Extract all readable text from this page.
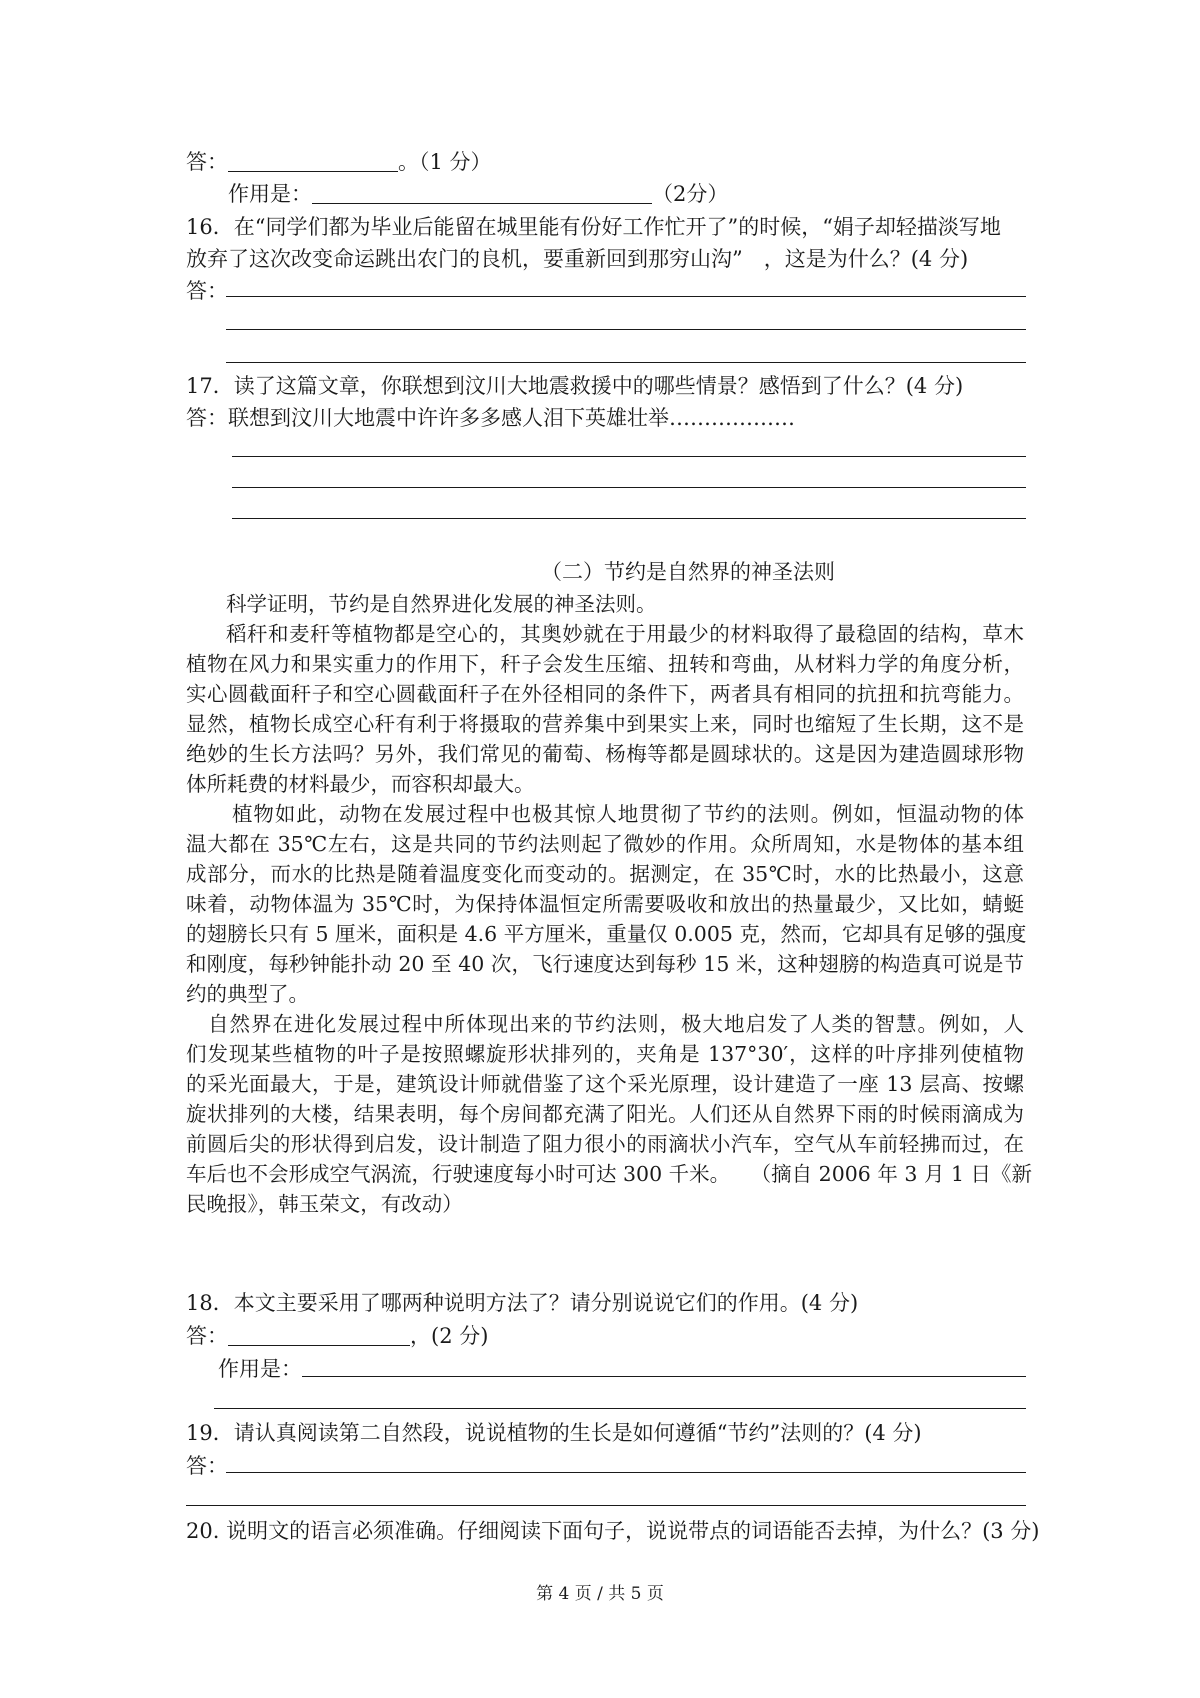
答：	。（1 分）
作用是：	（2分）
16．在“同学们都为毕业后能留在城里能有份好工作忙开了”的时候，“娟子却轻描淡写地
放弃了这次改变命运跳出农门的良机，要重新回到那穷山沟”　，这是为什么？(4 分)
答：
17．读了这篇文章，你联想到汶川大地震救援中的哪些情景？感悟到了什么？(4 分)
答：联想到汶川大地震中许许多多感人泪下英雄壮举………………
（二）节约是自然界的神圣法则
科学证明，节约是自然界进化发展的神圣法则。
稻秆和麦秆等植物都是空心的，其奥妙就在于用最少的材料取得了最稳固的结构，草木
植物在风力和果实重力的作用下，秆子会发生压缩、扭转和弯曲，从材料力学的角度分析，
实心圆截面秆子和空心圆截面秆子在外径相同的条件下，两者具有相同的抗扭和抗弯能力。
显然，植物长成空心秆有利于将摄取的营养集中到果实上来，同时也缩短了生长期，这不是
绝妙的生长方法吗？另外，我们常见的葡萄、杨梅等都是圆球状的。这是因为建造圆球形物
体所耗费的材料最少，而容积却最大。
植物如此，动物在发展过程中也极其惊人地贯彻了节约的法则。例如，恒温动物的体
温大都在 35℃左右，这是共同的节约法则起了微妙的作用。众所周知，水是物体的基本组
成部分，而水的比热是随着温度变化而变动的。据测定，在 35℃时，水的比热最小，这意
味着，动物体温为 35℃时，为保持体温恒定所需要吸收和放出的热量最少，又比如，蜻蜓
的翅膀长只有 5 厘米，面积是 4.6 平方厘米，重量仅 0.005 克，然而，它却具有足够的强度
和刚度，每秒钟能扑动 20 至 40 次，飞行速度达到每秒 15 米，这种翅膀的构造真可说是节
约的典型了。
自然界在进化发展过程中所体现出来的节约法则，极大地启发了人类的智慧。例如，人
们发现某些植物的叶子是按照螺旋形状排列的，夹角是 137°30′，这样的叶序排列使植物
的采光面最大，于是，建筑设计师就借鉴了这个采光原理，设计建造了一座 13 层高、按螺
旋状排列的大楼，结果表明，每个房间都充满了阳光。人们还从自然界下雨的时候雨滴成为
前圆后尖的形状得到启发，设计制造了阻力很小的雨滴状小汽车，空气从车前轻拂而过，在
车后也不会形成空气涡流，行驶速度每小时可达 300 千米。　　（摘自 2006 年 3 月 1 日《新
民晚报》，韩玉荣文，有改动）
18．本文主要采用了哪两种说明方法了？请分别说说它们的作用。(4 分)
答：	，(2 分)
作用是：
19．请认真阅读第二自然段，说说植物的生长是如何遵循“节约”法则的？(4 分)
答：
20. 说明文的语言必须准确。仔细阅读下面句子，说说带点的词语能否去掉，为什么？(3 分)
第 4 页 / 共 5 页
